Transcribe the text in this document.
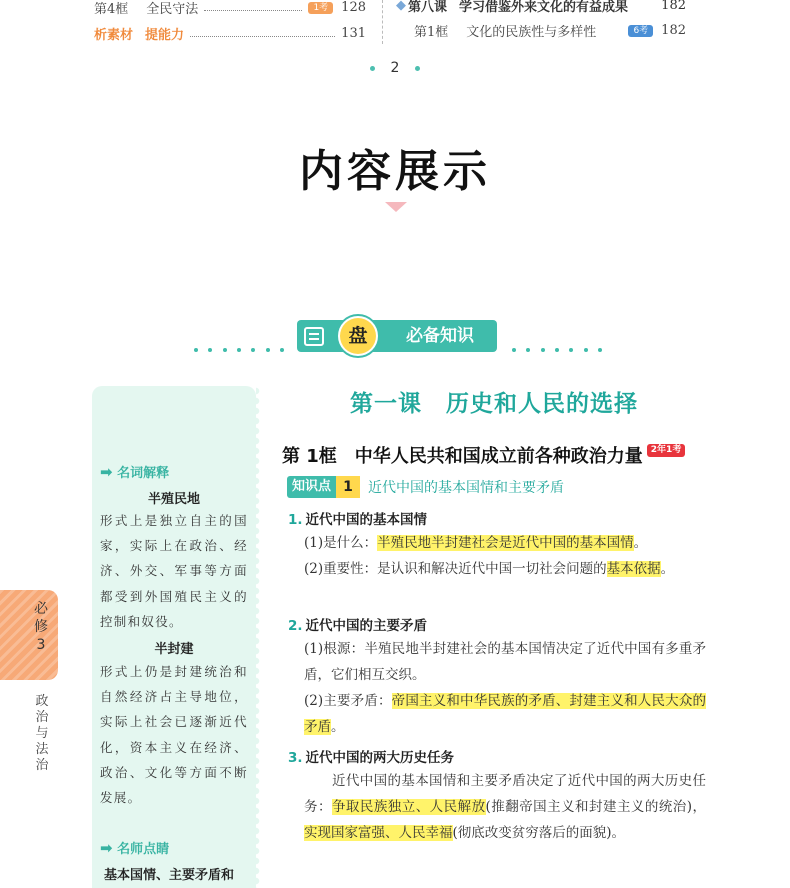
第4框 全民守法	1考	128
析素材 提能力	131
◆ 第八课 学习借鉴外来文化的有益成果	182
第1框 文化的民族性与多样性	6考	182
2
内容展示
盘	必备知识
必
修
3
政治与法治
➡ 名词解释
半殖民地
形式上是独立自主的国家，实际上在政治、经济、外交、军事等方面都受到外国殖民主义的控制和奴役。
半封建
形式上仍是封建统治和自然经济占主导地位，实际上社会已逐渐近代化，资本主义在经济、政治、文化等方面不断发展。
➡ 名师点睛
基本国情、主要矛盾和
第一课　历史和人民的选择
第 1框　中华人民共和国成立前各种政治力量 2年1考
知识点 1	近代中国的基本国情和主要矛盾
1. 近代中国的基本国情
(1)是什么：半殖民地半封建社会是近代中国的基本国情。
(2)重要性：是认识和解决近代中国一切社会问题的基本依据。
2. 近代中国的主要矛盾
(1)根源：半殖民地半封建社会的基本国情决定了近代中国有多重矛盾，它们相互交织。
(2)主要矛盾：帝国主义和中华民族的矛盾、封建主义和人民大众的矛盾。
3. 近代中国的两大历史任务
近代中国的基本国情和主要矛盾决定了近代中国的两大历史任务：争取民族独立、人民解放(推翻帝国主义和封建主义的统治)，实现国家富强、人民幸福(彻底改变贫穷落后的面貌)。
